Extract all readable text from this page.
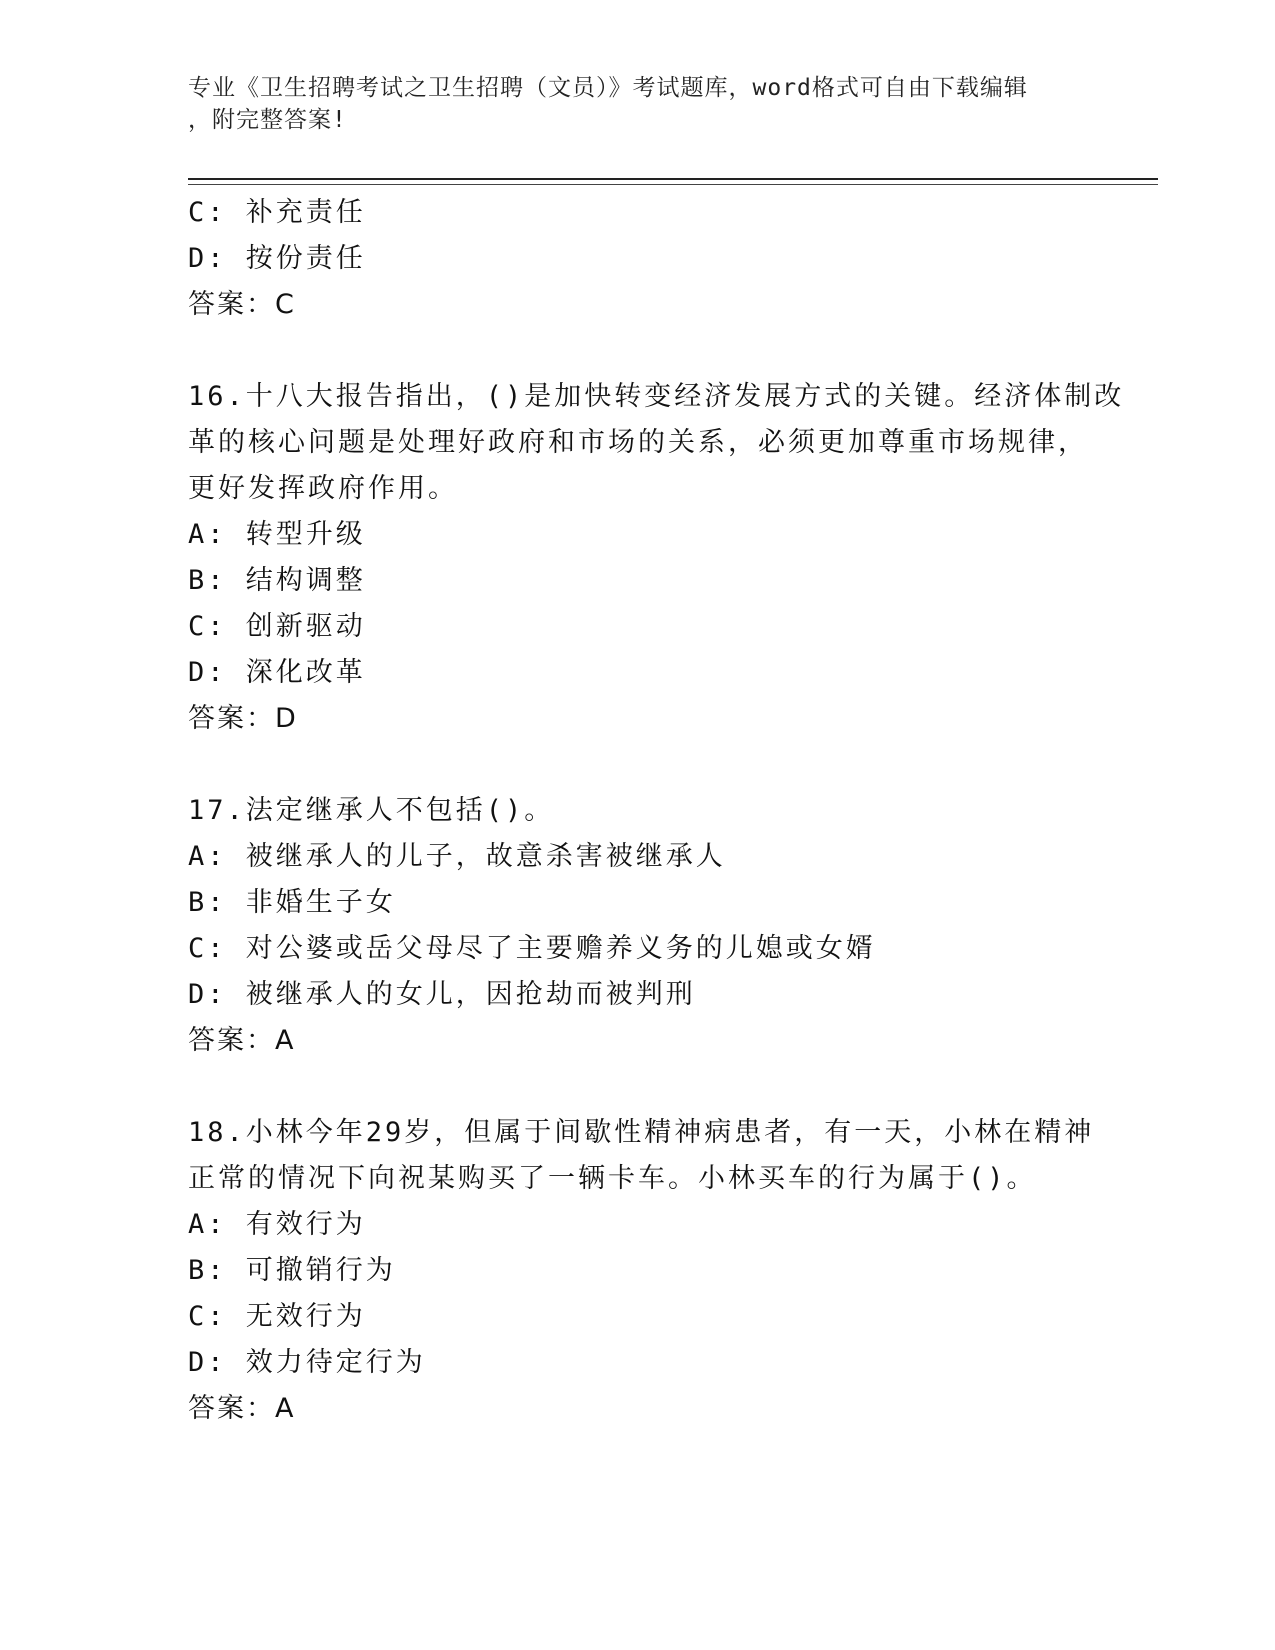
专业《卫生招聘考试之卫生招聘（文员）》考试题库，word格式可自由下载编辑
，附完整答案!
C: 补充责任
D: 按份责任
答案：C
16.十八大报告指出，()是加快转变经济发展方式的关键。经济体制改
革的核心问题是处理好政府和市场的关系，必须更加尊重市场规律，
更好发挥政府作用。
A: 转型升级
B: 结构调整
C: 创新驱动
D: 深化改革
答案：D
17.法定继承人不包括()。
A: 被继承人的儿子，故意杀害被继承人
B: 非婚生子女
C: 对公婆或岳父母尽了主要赡养义务的儿媳或女婿
D: 被继承人的女儿，因抢劫而被判刑
答案：A
18.小林今年29岁，但属于间歇性精神病患者，有一天，小林在精神
正常的情况下向祝某购买了一辆卡车。小林买车的行为属于()。
A: 有效行为
B: 可撤销行为
C: 无效行为
D: 效力待定行为
答案：A
